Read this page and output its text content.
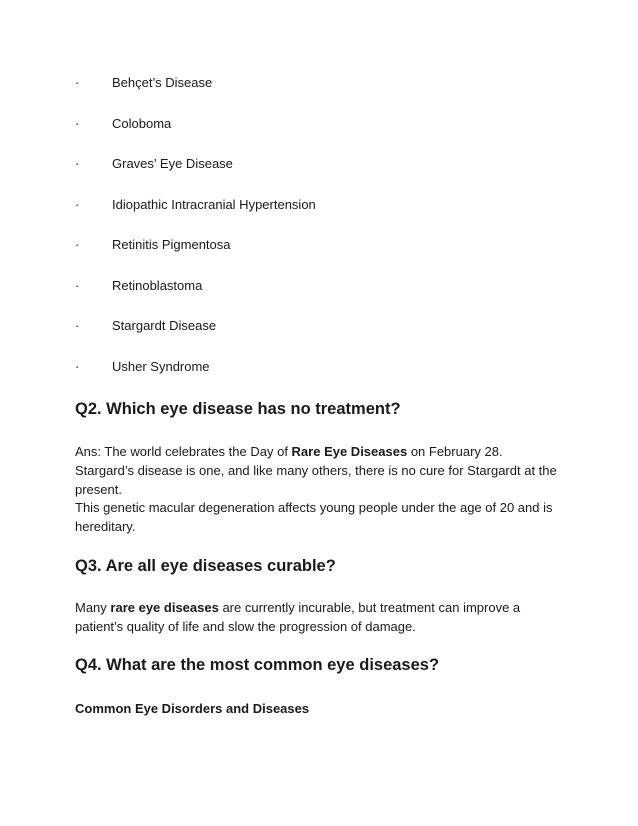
·	Behçet’s Disease
·	Coloboma
·	Graves’ Eye Disease
·	Idiopathic Intracranial Hypertension
·	Retinitis Pigmentosa
·	Retinoblastoma
·	Stargardt Disease
·	Usher Syndrome
Q2. Which eye disease has no treatment?

Ans: The world celebrates the Day of Rare Eye Diseases on February 28. Stargard’s disease is one, and like many others, there is no cure for Stargardt at the present.

This genetic macular degeneration affects young people under the age of 20 and is hereditary.

Q3. Are all eye diseases curable?

Many rare eye diseases are currently incurable, but treatment can improve a patient’s quality of life and slow the progression of damage.

Q4. What are the most common eye diseases?

Common Eye Disorders and Diseases
